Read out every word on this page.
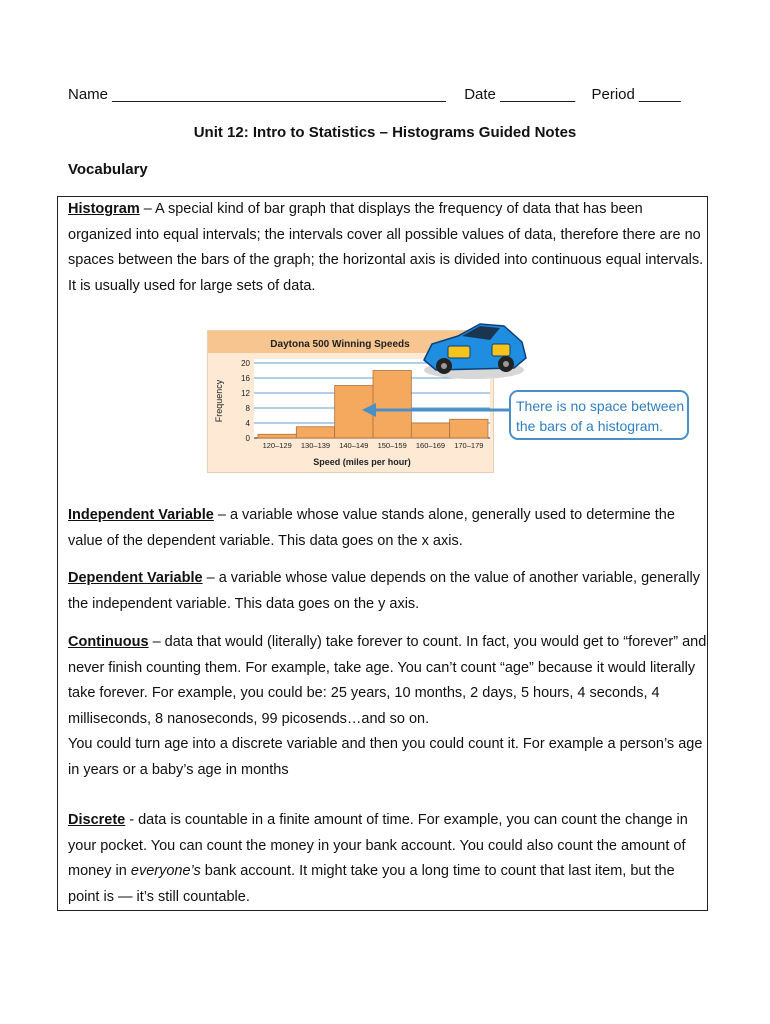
Name ________________________________________ Date _________ Period _____
Unit 12: Intro to Statistics – Histograms Guided Notes
Vocabulary
Histogram – A special kind of bar graph that displays the frequency of data that has been organized into equal intervals; the intervals cover all possible values of data, therefore there are no spaces between the bars of the graph; the horizontal axis is divided into continuous equal intervals. It is usually used for large sets of data.
Daytona 500 Winning Speeds
Frequency
Speed (miles per hour)
0
4
8
12
16
20
120–129 130–139 140–149 150–159 160–169 170–179
There is no space between the bars of a histogram.
Independent Variable – a variable whose value stands alone, generally used to determine the value of the dependent variable. This data goes on the x axis.
Dependent Variable – a variable whose value depends on the value of another variable, generally the independent variable. This data goes on the y axis.
Continuous – data that would (literally) take forever to count. In fact, you would get to “forever” and never finish counting them. For example, take age. You can’t count “age” because it would literally take forever. For example, you could be: 25 years, 10 months, 2 days, 5 hours, 4 seconds, 4 milliseconds, 8 nanoseconds, 99 picosends…and so on.
You could turn age into a discrete variable and then you could count it. For example a person’s age in years or a baby’s age in months
Discrete - data is countable in a finite amount of time. For example, you can count the change in your pocket. You can count the money in your bank account. You could also count the amount of money in everyone’s bank account. It might take you a long time to count that last item, but the point is — it’s still countable.
